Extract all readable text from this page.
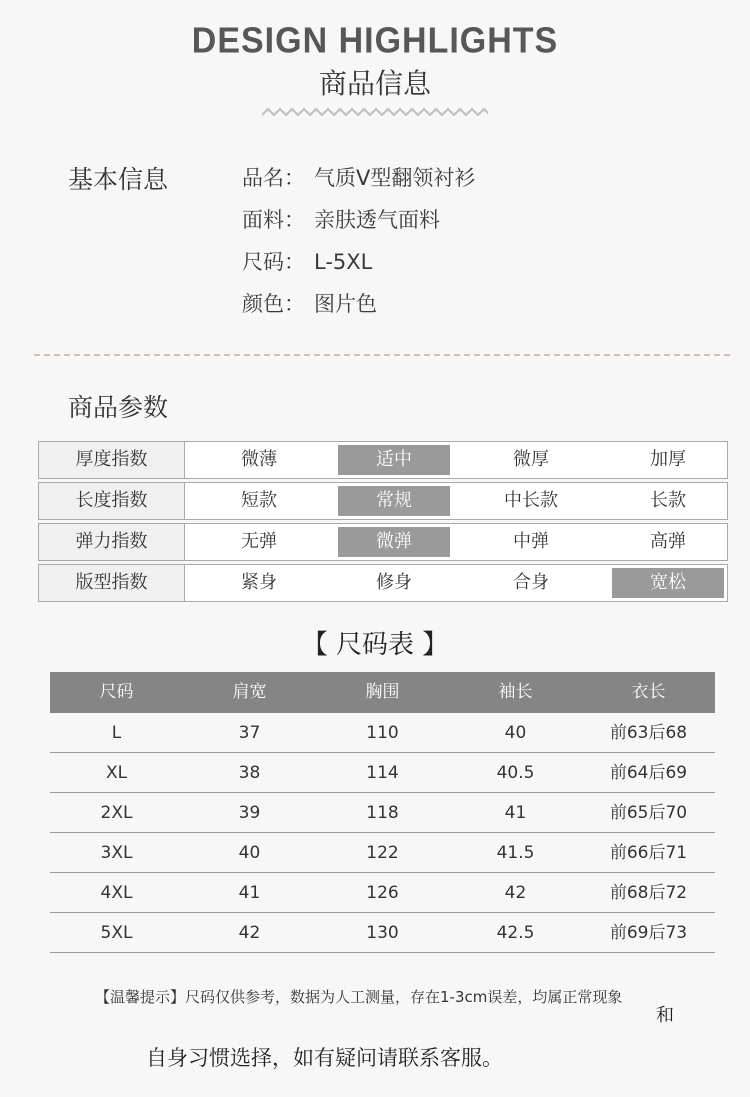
DESIGN HIGHLIGHTS
商品信息
基本信息	品名： 气质V型翻领衬衫
面料： 亲肤透气面料
尺码： L-5XL
颜色： 图片色
商品参数
厚度指数	微薄	适中	微厚	加厚
长度指数	短款	常规	中长款	长款
弹力指数	无弹	微弹	中弹	高弹
版型指数	紧身	修身	合身	宽松
【 尺码表 】
尺码	肩宽	胸围	袖长	衣长
L	37	110	40	前63后68
XL	38	114	40.5	前64后69
2XL	39	118	41	前65后70
3XL	40	122	41.5	前66后71
4XL	41	126	42	前68后72
5XL	42	130	42.5	前69后73
【温馨提示】尺码仅供参考，数据为人工测量，存在1-3cm误差，均属正常现象
和
自身习惯选择，如有疑问请联系客服。
